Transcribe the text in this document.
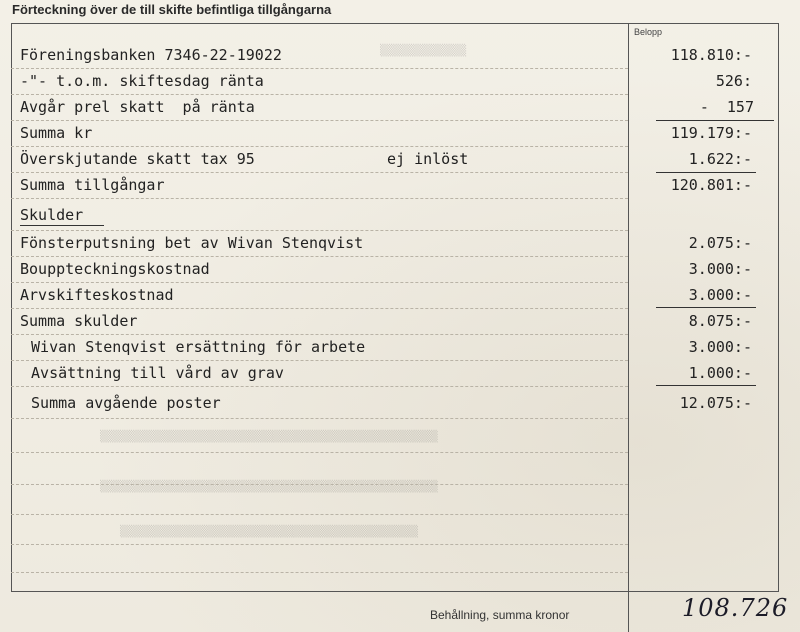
Förteckning över de till skifte befintliga tillgångarna
Belopp
▒▒▒▒▒▒▒▒▒▒▒▒▒
▒▒▒▒▒▒▒▒▒▒▒▒▒▒▒▒▒▒▒▒▒▒▒▒▒▒▒▒▒▒▒▒▒▒▒▒▒▒▒▒▒▒▒▒▒▒▒▒▒▒▒
▒▒▒▒▒▒▒▒▒▒▒▒▒▒▒▒▒▒▒▒▒▒▒▒▒▒▒▒▒▒▒▒▒▒▒▒▒▒▒▒▒▒▒▒▒▒▒▒▒▒▒
▒▒▒▒▒▒▒▒▒▒▒▒▒▒▒▒▒▒▒▒▒▒▒▒▒▒▒▒▒▒▒▒▒▒▒▒▒▒▒▒▒▒▒▒▒
Föreningsbanken 7346-22-19022	118.810:-
-"- t.o.m. skiftesdag ränta	526:
Avgår prel skatt  på ränta	-  157
Summa kr	119.179:-
Överskjutande skatt tax 95	ej inlöst	1.622:-
Summa tillgångar	120.801:-
Skulder
Fönsterputsning bet av Wivan Stenqvist	2.075:-
Bouppteckningskostnad	3.000:-
Arvskifteskostnad	3.000:-
Summa skulder	8.075:-
Wivan Stenqvist ersättning för arbete	3.000:-
Avsättning till vård av grav	1.000:-
Summa avgående poster	12.075:-
Behållning, summa kronor	108.726
